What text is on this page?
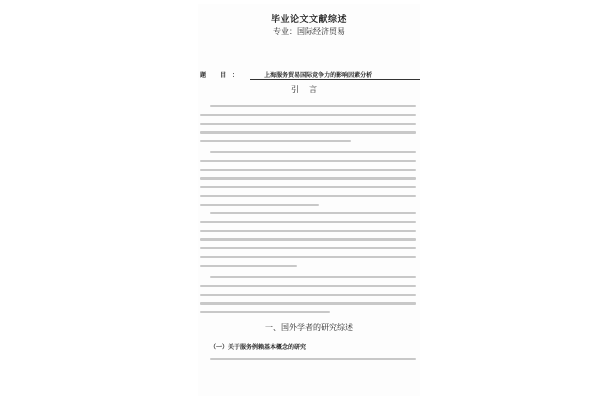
毕业论文文献综述
专业：国际经济贸易
题 目：	上海服务贸易国际竞争力的影响因素分析
引言
一、国外学者的研究综述
（一）关于服务例赖基本概念的研究
